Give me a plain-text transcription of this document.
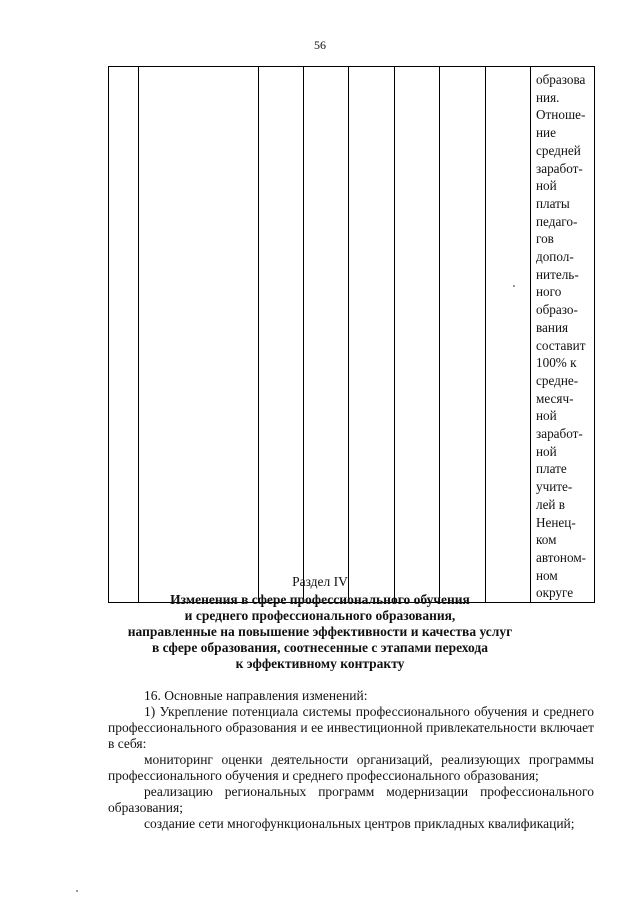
56

образова
ния.
Отноше-
ние
средней
заработ-
ной
платы
педаго-
гов
допол-
нитель-
ного
образо-
вания
составит
100% к
средне-
месяч-
ной
заработ-
ной
плате
учите-
лей в
Ненец-
ком
автоном-
ном
округе
Раздел IV
Изменения в сфере профессионального обучения
и среднего профессионального образования,
направленные на повышение эффективности и качества услуг
в сфере образования, соотнесенные с этапами перехода
к эффективному контракту

16. Основные направления изменений:

1) Укрепление потенциала системы профессионального обучения и среднего профессионального образования и ее инвестиционной привлекательности включает в себя:

мониторинг оценки деятельности организаций, реализующих программы профессионального обучения и среднего профессионального образования;

реализацию региональных программ модернизации профессионального образования;

создание сети многофункциональных центров прикладных квалификаций;
